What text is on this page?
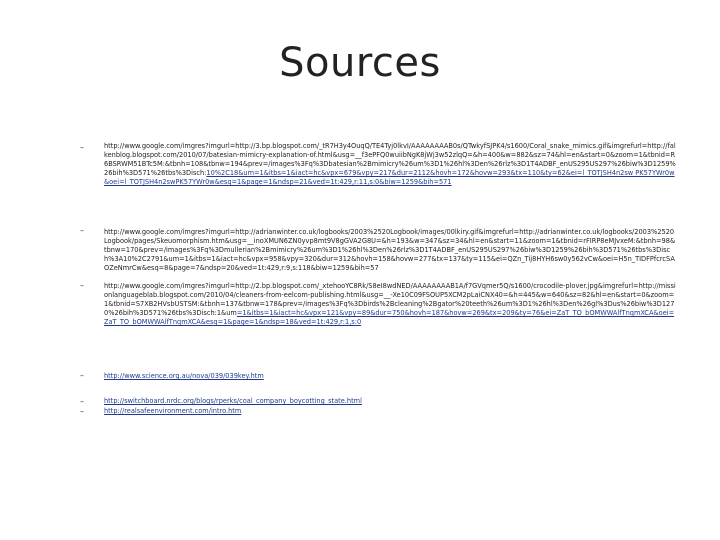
Sources
–
–
–
–
–
–
http://www.google.com/imgres?imgurl=http://3.bp.blogspot.com/_tR7H3y4OuqQ/TE4Tyj0lkvI/AAAAAAAAB0s/QTwkyfSJPK4/s1600/Coral_snake_mimics.gif&imgrefurl=http://falkenblog.blogspot.com/2010/07/batesian-mimicry-explanation-of.html&usg=__f3ePFQ0wuiibNgK8jWj3w52zlqQ=&h=400&w=882&sz=74&hl=en&start=0&zoom=1&tbnid=R6BSRWM51BTc5M:&tbnh=108&tbnw=194&prev=/images%3Fq%3Dbatesian%2Bmimicry%26um%3D1%26hl%3Den%26rlz%3D1T4ADBF_enUS295US297%26biw%3D1259%26bih%3D571%26tbs%3Disch:10%2C18&um=1&itbs=1&iact=hc&vpx=679&vpy=217&dur=2112&hovh=172&hovw=293&tx=110&ty=62&ei=l_TOTJSH4n2sw PK57YWr0w&oei=l_TOTJSH4n2swPK57YWr0w&esq=1&page=1&ndsp=21&ved=1t:429,r:11,s:0&biw=1259&bih=571
http://www.google.com/imgres?imgurl=http://adrianwinter.co.uk/logbooks/2003%2520Logbook/images/00lkiry.gif&imgrefurl=http://adrianwinter.co.uk/logbooks/2003%2520Logbook/pages/Skeuomorphism.htm&usg=__inoXMUN6ZN0yvp8mt9V8gGVA2G8U=&h=193&w=347&sz=34&hl=en&start=11&zoom=1&tbnid=rFIRP8eMJvxeM:&tbnh=98&tbnw=170&prev=/images%3Fq%3Dmullerian%2Bmimicry%26um%3D1%26hl%3Den%26rlz%3D1T4ADBF_enUS295US297%26biw%3D1259%26bih%3D571%26tbs%3Disch%3A10%2C2791&um=1&itbs=1&iact=hc&vpx=958&vpy=320&dur=312&hovh=158&hovw=277&tx=137&ty=115&ei=QZn_Tij8HYH6sw0y562vCw&oei=H5n_TIDFPfcrcSAOZeNmrCw&esq=8&page=7&ndsp=20&ved=1t:429,r:9,s:118&biw=1259&bih=57
http://www.google.com/imgres?imgurl=http://2.bp.blogspot.com/_xtehooYC8Rk/S8eI8wdNED/AAAAAAAAB1A/f7GVqmer5Q/s1600/crocodile-plover.jpg&imgrefurl=http://missionlanguageblab.blogspot.com/2010/04/cleaners-from-eelcom-publishing.html&usg=__-Xe10C09FSOUP5XCM2pLaiCNX40=&h=445&w=640&sz=82&hl=en&start=0&zoom=1&tbnid=S7XB2HVsbUSTSM:&tbnh=137&tbnw=178&prev=/images%3Fq%3Dbirds%2Bcleaning%2Bgator%20teeth%26um%3D1%26hl%3Den%26gl%3Dus%26biw%3D1270%26bih%3D571%26tbs%3Disch:1&um=1&itbs=1&iact=hc&vpx=121&vpy=89&dur=750&hovh=187&hovw=269&tx=209&ty=76&ei=ZaT_TO_bOMWWAlfTnqmXCA&oei=ZaT_TO_bOMWWAlfTnqmXCA&esq=1&page=1&ndsp=18&ved=1t:429,r:1,s:0
http://www.science.org.au/nova/039/039key.htm
http://switchboard.nrdc.org/blogs/rperks/coal_company_boycotting_state.html
http://realsafeenvironment.com/intro.htm
